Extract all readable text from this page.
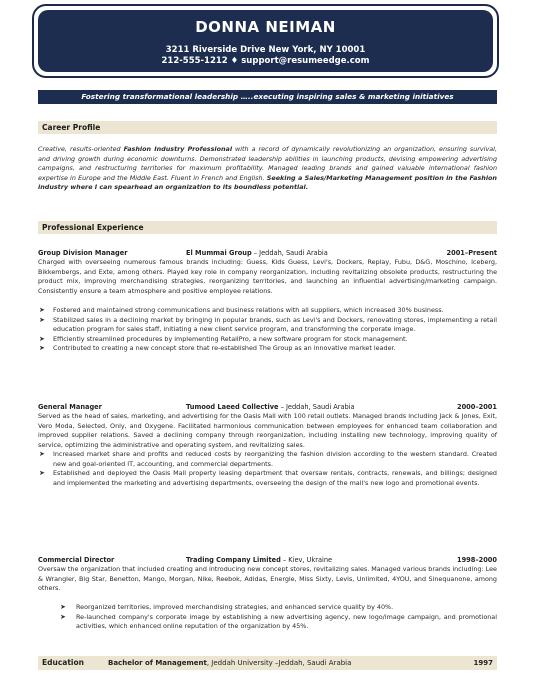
DONNA NEIMAN
3211 Riverside Drive New York, NY 10001
212-555-1212 ♦ support@resumeedge.com
Fostering transformational leadership …..executing inspiring sales & marketing initiatives
Career Profile
Creative, results-oriented Fashion Industry Professional with a record of dynamically revolutionizing an organization, ensuring survival, and driving growth during economic downturns. Demonstrated leadership abilities in launching products, devising empowering advertising campaigns, and restructuring territories for maximum profitability. Managed leading brands and gained valuable international fashion expertise in Europe and the Middle East. Fluent in French and English. Seeking a Sales/Marketing Management position in the Fashion industry where I can spearhead an organization to its boundless potential.
Professional Experience
Group Division Manager	El Mummai Group – Jeddah, Saudi Arabia	2001–Present
Charged with overseeing numerous famous brands including: Guess, Kids Guess, Levi's, Dockers, Replay, Fubu, D&G, Moschino, Iceberg, Bikkembergs, and Exte, among others. Played key role in company reorganization, including revitalizing obsolete products, restructuring the product mix, improving merchandising strategies, reorganizing territories, and launching an influential advertising/marketing campaign. Consistently ensure a team atmosphere and positive employee relations.
➤ Fostered and maintained strong communications and business relations with all suppliers, which increased 30% business.
➤ Stabilized sales in a declining market by bringing in popular brands, such as Levi's and Dockers, renovating stores, implementing a retail education program for sales staff, initiating a new client service program, and transforming the corporate image.
➤ Efficiently streamlined procedures by implementing RetailPro, a new software program for stock management.
➤ Contributed to creating a new concept store that re-established The Group as an innovative market leader.
General Manager	Tumood Laeed Collective – Jeddah, Saudi Arabia	2000–2001
Served as the head of sales, marketing, and advertising for the Oasis Mall with 100 retail outlets. Managed brands including Jack & Jones, Exit, Vero Moda, Selected, Only, and Oxygene. Facilitated harmonious communication between employees for enhanced team collaboration and improved supplier relations. Saved a declining company through reorganization, including installing new technology, improving quality of service, optimizing the administrative and operating system, and revitalizing sales.
➤ Increased market share and profits and reduced costs by reorganizing the fashion division according to the western standard. Created new and goal-oriented IT, accounting, and commercial departments.
➤ Established and deployed the Oasis Mall property leasing department that oversaw rentals, contracts, renewals, and billings; designed and implemented the marketing and advertising departments, overseeing the design of the mall's new logo and promotional events.
Commercial Director	Trading Company Limited – Kiev, Ukraine	1998–2000
Oversaw the organization that included creating and introducing new concept stores, revitalizing sales. Managed various brands including: Lee & Wrangler, Big Star, Benetton, Mango, Morgan, Nike, Reebok, Adidas, Energie, Miss Sixty, Levis, Unlimited, 4YOU, and Sinequanone, among others.
➤ Reorganized territories, improved merchandising strategies, and enhanced service quality by 40%.
➤ Re-launched company's corporate image by establishing a new advertising agency, new logo/image campaign, and promotional activities, which enhanced online reputation of the organization by 45%.
Education	Bachelor of Management, Jeddah University –Jeddah, Saudi Arabia	1997
